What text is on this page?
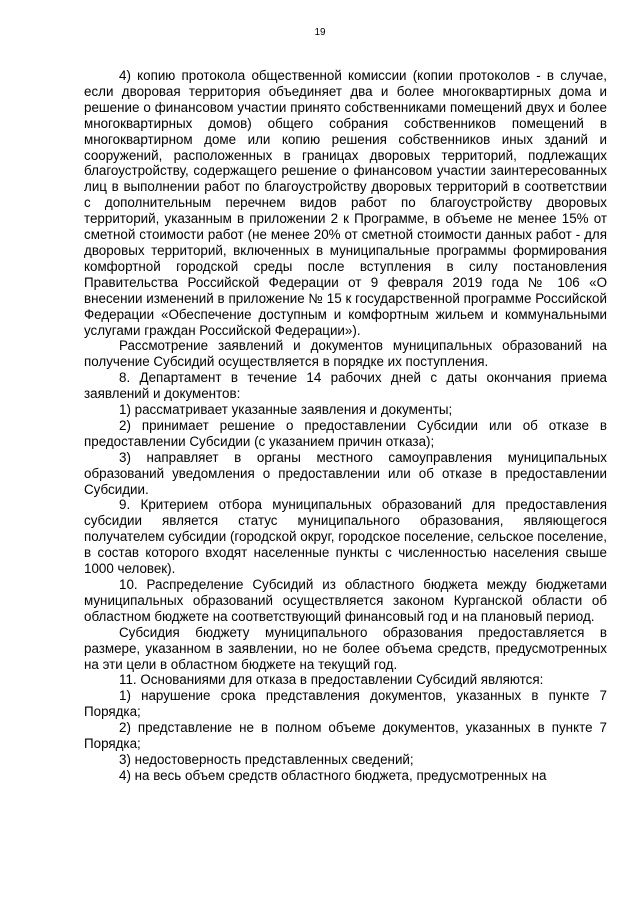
19

4) копию протокола общественной комиссии (копии протоколов - в случае, если дворовая территория объединяет два и более многоквартирных дома и решение о финансовом участии принято собственниками помещений двух и более многоквартирных домов) общего собрания собственников помещений в многоквартирном доме или копию решения собственников иных зданий и сооружений, расположенных в границах дворовых территорий, подлежащих благоустройству, содержащего решение о финансовом участии заинтересованных лиц в выполнении работ по благоустройству дворовых территорий в соответствии с дополнительным перечнем видов работ по благоустройству дворовых территорий, указанным в приложении 2 к Программе, в объеме не менее 15% от сметной стоимости работ (не менее 20% от сметной стоимости данных работ - для дворовых территорий, включенных в муниципальные программы формирования комфортной городской среды после вступления в силу постановления Правительства Российской Федерации от 9 февраля 2019 года № 106 «О внесении изменений в приложение № 15 к государственной программе Российской Федерации «Обеспечение доступным и комфортным жильем и коммунальными услугами граждан Российской Федерации»).

Рассмотрение заявлений и документов муниципальных образований на получение Субсидий осуществляется в порядке их поступления.

8. Департамент в течение 14 рабочих дней с даты окончания приема заявлений и документов:

1) рассматривает указанные заявления и документы;

2) принимает решение о предоставлении Субсидии или об отказе в предоставлении Субсидии (с указанием причин отказа);

3) направляет в органы местного самоуправления муниципальных образований уведомления о предоставлении или об отказе в предоставлении Субсидии.

9. Критерием отбора муниципальных образований для предоставления субсидии является статус муниципального образования, являющегося получателем субсидии (городской округ, городское поселение, сельское поселение, в состав которого входят населенные пункты с численностью населения свыше 1000 человек).

10. Распределение Субсидий из областного бюджета между бюджетами муниципальных образований осуществляется законом Курганской области об областном бюджете на соответствующий финансовый год и на плановый период.

Субсидия бюджету муниципального образования предоставляется в размере, указанном в заявлении, но не более объема средств, предусмотренных на эти цели в областном бюджете на текущий год.

11. Основаниями для отказа в предоставлении Субсидий являются:

1) нарушение срока представления документов, указанных в пункте 7 Порядка;

2) представление не в полном объеме документов, указанных в пункте 7 Порядка;

3) недостоверность представленных сведений;

4) на весь объем средств областного бюджета, предусмотренных на
